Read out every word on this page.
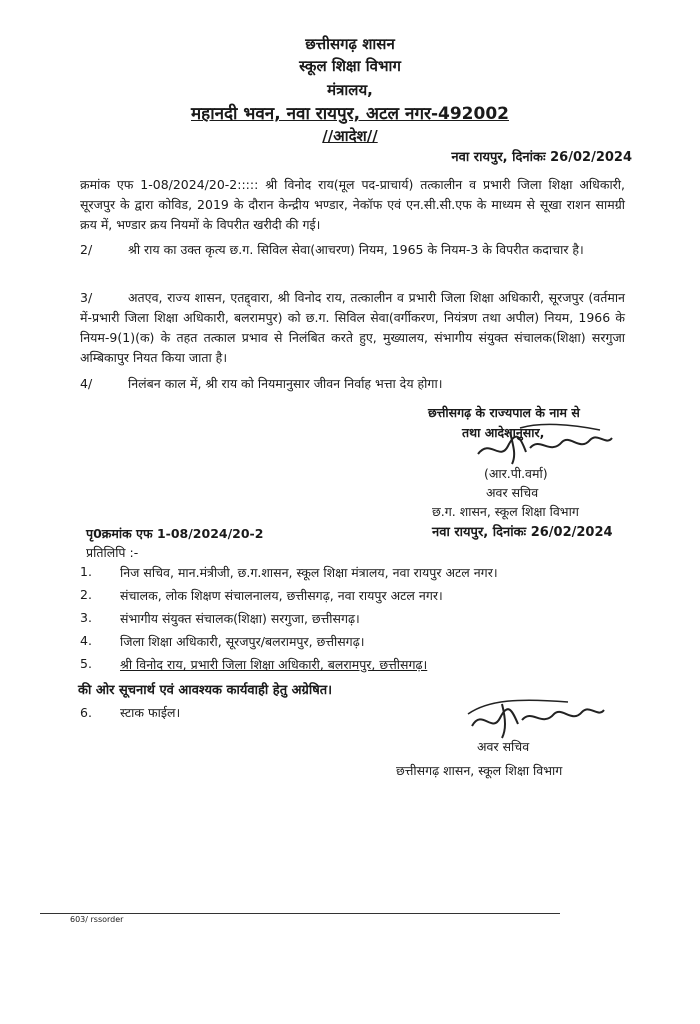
छत्तीसगढ़ शासन
स्कूल शिक्षा विभाग
मंत्रालय,
महानदी भवन, नवा रायपुर, अटल नगर-492002
//आदेश//
नवा रायपुर, दिनांकः 26/02/2024

क्रमांक एफ 1-08/2024/20-2::::: श्री विनोद राय(मूल पद-प्राचार्य) तत्कालीन व प्रभारी जिला शिक्षा अधिकारी, सूरजपुर के द्वारा कोविड, 2019 के दौरान केन्द्रीय भण्डार, नेकॉफ एवं एन.सी.सी.एफ के माध्यम से सूखा राशन सामग्री क्रय में, भण्डार क्रय नियमों के विपरीत खरीदी की गई।

2/	श्री राय का उक्त कृत्य छ.ग. सिविल सेवा(आचरण) नियम, 1965 के नियम-3 के विपरीत कदाचार है।

3/	अतएव, राज्य शासन, एतद्द्वारा, श्री विनोद राय, तत्कालीन व प्रभारी जिला शिक्षा अधिकारी, सूरजपुर (वर्तमान में-प्रभारी जिला शिक्षा अधिकारी, बलरामपुर) को छ.ग. सिविल सेवा(वर्गीकरण, नियंत्रण तथा अपील) नियम, 1966 के नियम-9(1)(क) के तहत तत्काल प्रभाव से निलंबित करते हुए, मुख्यालय, संभागीय संयुक्त संचालक(शिक्षा) सरगुजा अम्बिकापुर नियत किया जाता है।

4/	निलंबन काल में, श्री राय को नियमानुसार जीवन निर्वाह भत्ता देय होगा।

छत्तीसगढ़ के राज्यपाल के नाम से
तथा आदेशानुसार,
(आर.पी.वर्मा)
अवर सचिव
छ.ग. शासन, स्कूल शिक्षा विभाग
पृ0क्रमांक एफ 1-08/2024/20-2	नवा रायपुर, दिनांकः 26/02/2024
प्रतिलिपि :-
1.	निज सचिव, मान.मंत्रीजी, छ.ग.शासन, स्कूल शिक्षा मंत्रालय, नवा रायपुर अटल नगर।
2.	संचालक, लोक शिक्षण संचालनालय, छत्तीसगढ़, नवा रायपुर अटल नगर।
3.	संभागीय संयुक्त संचालक(शिक्षा) सरगुजा, छत्तीसगढ़।
4.	जिला शिक्षा अधिकारी, सूरजपुर/बलरामपुर, छत्तीसगढ़।
5.	श्री विनोद राय, प्रभारी जिला शिक्षा अधिकारी, बलरामपुर, छत्तीसगढ़।
की ओर सूचनार्थ एवं आवश्यक कार्यवाही हेतु अग्रेषित।
6. स्टाक फाईल।
अवर सचिव
छत्तीसगढ़ शासन, स्कूल शिक्षा विभाग
603/ rssorder
